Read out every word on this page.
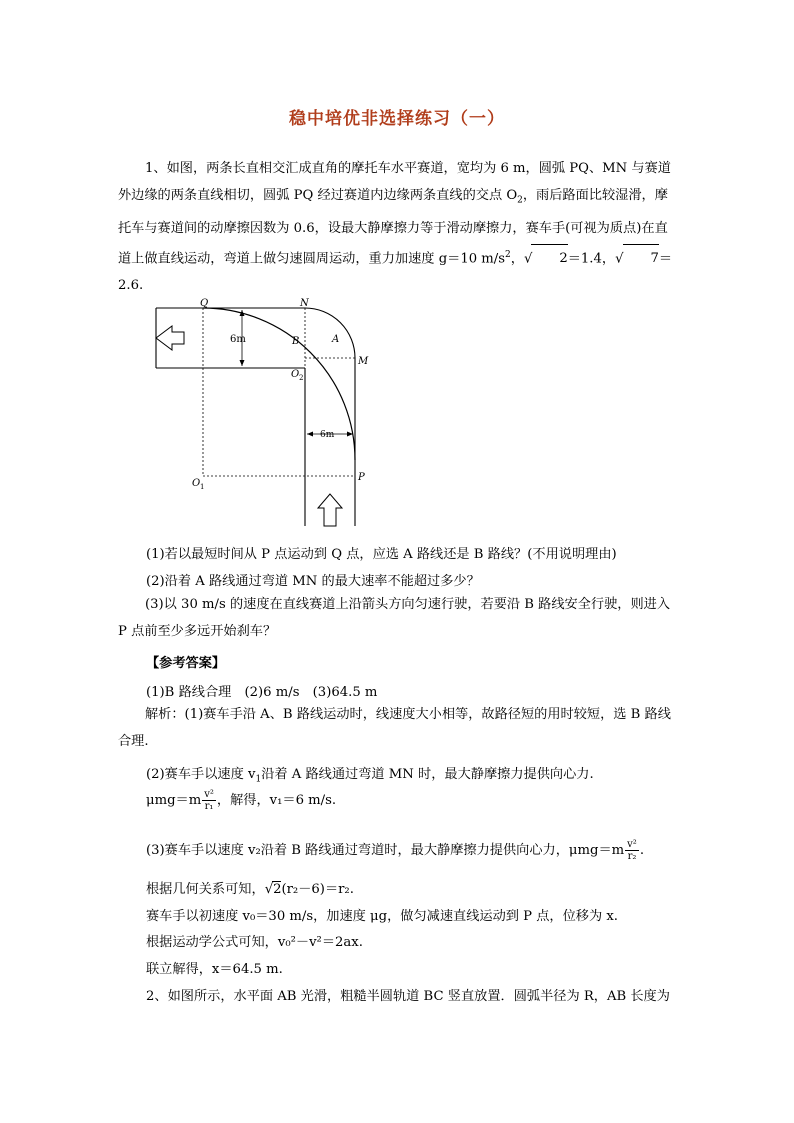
稳中培优非选择练习（一）
1、如图，两条长直相交汇成直角的摩托车水平赛道，宽均为 6 m，圆弧 PQ、MN 与赛道外边缘的两条直线相切，圆弧 PQ 经过赛道内边缘两条直线的交点 $O_2$，雨后路面比较湿滑，摩托车与赛道间的动摩擦因数为 0.6，设最大静摩擦力等于滑动摩擦力，赛车手(可视为质点)在直道上做直线运动，弯道上做匀速圆周运动，重力加速度 g＝10 $m/s^2$，√ 2＝1.4，√ 7＝2.6.
Q	N
B	A
M
O 2
O 1
P
6m
6m
(1)若以最短时间从 P 点运动到 Q 点，应选 A 路线还是 B 路线？(不用说明理由)
(2)沿着 A 路线通过弯道 MN 的最大速率不能超过多少？
(3)以 30 m/s 的速度在直线赛道上沿箭头方向匀速行驶，若要沿 B 路线安全行驶，则进入 P 点前至少多远开始刹车？
【参考答案】
(1)B 路线合理　(2)6 m/s　(3)64.5 m
解析：(1)赛车手沿 A、B 路线运动时，线速度大小相等，故路径短的用时较短，选 B 路线合理.
(2)赛车手以速度 $v_1$沿着 A 路线通过弯道 MN 时，最大静摩擦力提供向心力.
$\mu mg=m \frac{\text{v²}}{\text{r₁}}$ ，解得，v₁＝6 m/s.
(3)赛车手以速度 v₂沿着 B 路线通过弯道时，最大静摩擦力提供向心力，$\mu mg=m \frac{\text{v²}}{\text{r₂}}$ .
根据几何关系可知，√2(r₂－6)＝r₂.
赛车手以初速度 v₀＝30 m/s，加速度 μg，做匀减速直线运动到 P 点，位移为 x.
根据运动学公式可知，v₀²－v²＝2ax.
联立解得，x＝64.5 m.
2、如图所示，水平面 AB 光滑，粗糙半圆轨道 BC 竖直放置．圆弧半径为 R，AB 长度为
